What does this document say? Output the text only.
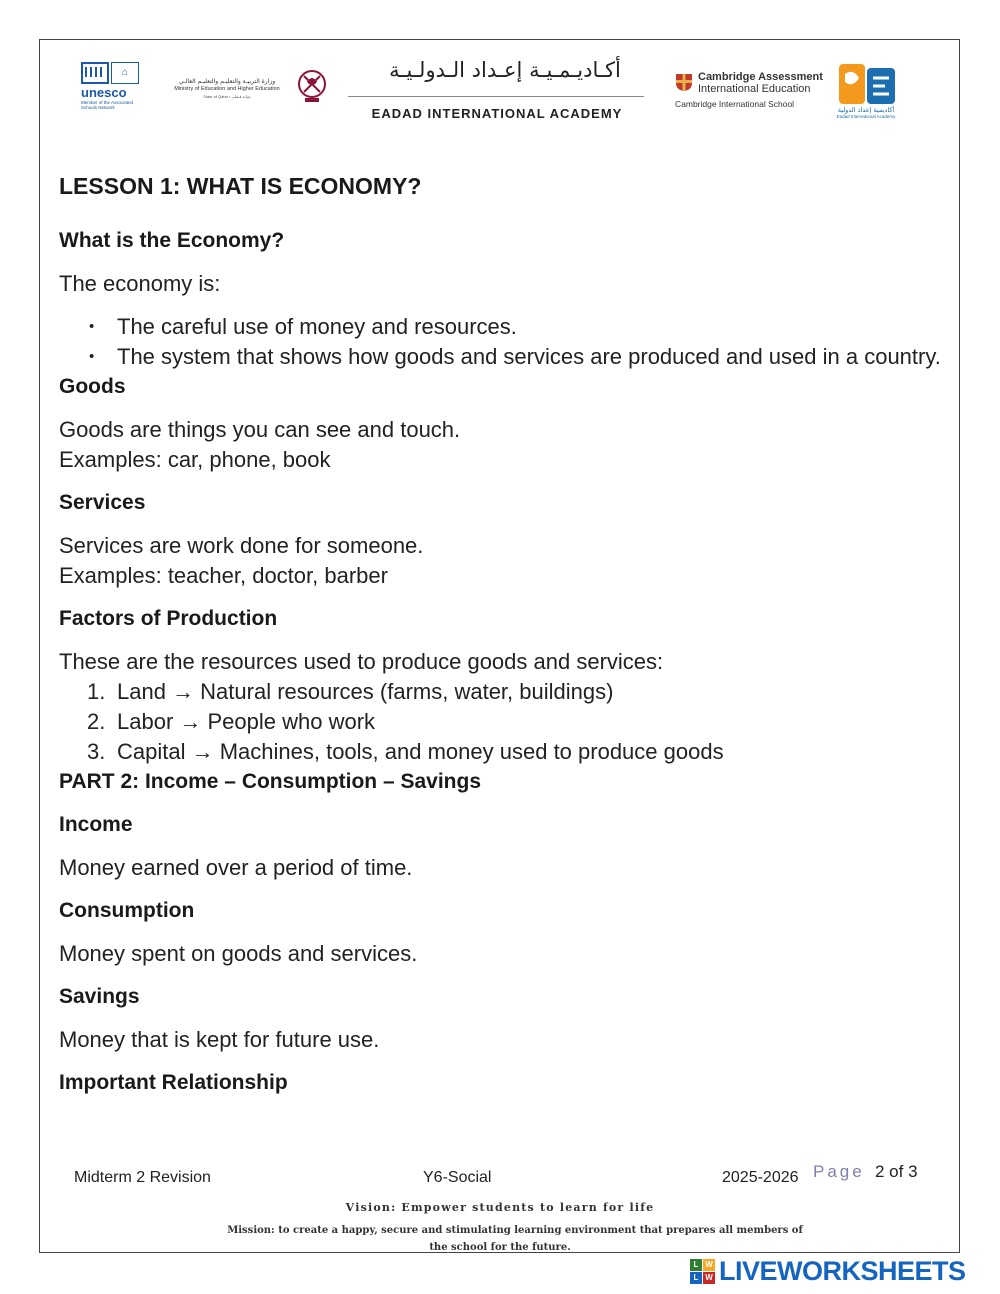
⌂
unesco
Member of the Associated Schools Network
وزارة التربيـة والتعليـم والتعليـم العالـي
Ministry of Education and Higher Education
State of Qatar • دولـة قـطـر
أكـاديـمـيـة إعـداد الـدولـيـة
EADAD INTERNATIONAL ACADEMY
Cambridge Assessment
International Education
Cambridge International School
أكاديمية إعداد الدولية
Eadad International Academy
LESSON 1: WHAT IS ECONOMY?
What is the Economy?
The economy is:
• The careful use of money and resources.
• The system that shows how goods and services are produced and used in a country.
Goods
Goods are things you can see and touch.
Examples: car, phone, book
Services
Services are work done for someone.
Examples: teacher, doctor, barber
Factors of Production
These are the resources used to produce goods and services:
1. Land → Natural resources (farms, water, buildings)
2. Labor → People who work
3. Capital → Machines, tools, and money used to produce goods
PART 2: Income – Consumption – Savings
Income
Money earned over a period of time.
Consumption
Money spent on goods and services.
Savings
Money that is kept for future use.
Important Relationship
Midterm 2 Revision	Y6-Social	2025-2026 Page 2 of 3
Vision: Empower students to learn for life
Mission: to create a happy, secure and stimulating learning environment that prepares all members of
the school for the future.
L W
L W LIVEWORKSHEETS
